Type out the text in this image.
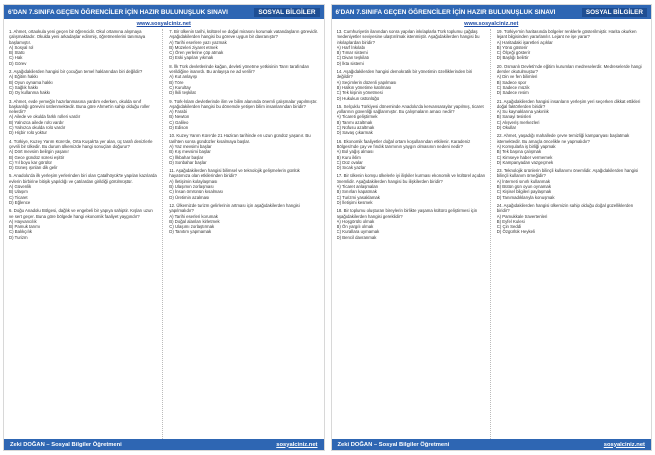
6'DAN 7.SINIFA GEÇEN ÖĞRENCİLER İÇİN HAZIR BULUNUŞLUK SINAVI	SOSYAL BİLGİLER
www.sosyalciniz.net
1. Ahmet, ortaokula yeni geçen bir öğrencidir. Okul ortamına alışmaya çalışmaktadır. Okulda yeni arkadaşlar edinmiş, öğretmenlerini tanımaya başlamıştır.
A) Sosyal rol
B) Statü
C) Hak
D) Görev
2. Aşağıdakilerden hangisi bir çocuğun temel haklarından biri değildir?
A) Eğitim hakkı
B) Oyun oynama hakkı
C) Sağlık hakkı
D) Oy kullanma hakkı
3. Ahmet, evde yemeğin hazırlanmasına yardım ederken, okulda sınıf başkanlığı görevini üstlenmektedir. Buna göre Ahmet'in sahip olduğu roller nelerdir?
A) Ailede ve okulda farklı rolleri vardır
B) Yalnızca ailede rolü vardır
C) Yalnızca okulda rolü vardır
D) Hiçbir rolü yoktur
4. Türkiye, Kuzey Yarım Küre'de, Orta Kuşak'ta yer alan, üç tarafı denizlerle çevrili bir ülkedir. Bu durum ülkemizde hangi sonuçları doğurur?
A) Dört mevsim belirgin yaşanır
B) Gece gündüz süresi eşittir
C) Yıl boyu kar görülür
D) Güneş ışınları dik gelir
5. Anadolu'da ilk yerleşim yerlerinden biri olan Çatalhöyük'te yapılan kazılarda evlerin birbirine bitişik yapıldığı ve çatılardan girildiği görülmüştür.
A) Güvenlik
B) Ulaşım
C) Ticaret
D) Eğlence
6. Doğu Anadolu Bölgesi, dağlık ve engebeli bir yapıya sahiptir. Kışları uzun ve sert geçer. Buna göre bölgede hangi ekonomik faaliyet yaygındır?
A) Hayvancılık
B) Pamuk tarımı
C) Balıkçılık
D) Turizm
7. Bir ülkenin tarihi, kültürel ve doğal mirasını korumak vatandaşların görevidir. Aşağıdakilerden hangisi bu göreve uygun bir davranıştır?
A) Tarihi eserlere yazı yazmak
B) Müzeleri ziyaret etmek
C) Ören yerlerine çöp atmak
D) Eski yapıları yıkmak
8. İlk Türk devletlerinde kağan, devleti yönetme yetkisinin Tanrı tarafından verildiğine inanırdı. Bu anlayışa ne ad verilir?
A) Kut anlayışı
B) Töre
C) Kurultay
D) İkili teşkilat
9. Türk-İslam devletlerinde ilim ve bilim alanında önemli çalışmalar yapılmıştır. Aşağıdakilerden hangisi bu dönemde yetişen bilim insanlarından biridir?
A) Farabi
B) Newton
C) Galileo
D) Edison
10. Kuzey Yarım Küre'de 21 Haziran tarihinde en uzun gündüz yaşanır. Bu tarihten sonra gündüzler kısalmaya başlar.
A) Yaz mevsimi başlar
B) Kış mevsimi başlar
C) İlkbahar başlar
D) Sonbahar başlar
11. Aşağıdakilerden hangisi bilimsel ve teknolojik gelişmelerin günlük hayatımıza olan etkilerinden biridir?
A) İletişimin kolaylaşması
B) Ulaşımın zorlaşması
C) İnsan ömrünün kısalması
D) Üretimin azalması
12. Ülkemizde turizm gelirlerinin artması için aşağıdakilerden hangisi yapılmalıdır?
A) Tarihi eserleri korumak
B) Doğal alanları kirletmek
C) Ulaşımı zorlaştırmak
D) Tanıtım yapmamak
Zeki DOĞAN – Sosyal Bilgiler Öğretmeni	sosyalciniz.net
6'DAN 7.SINIFA GEÇEN ÖĞRENCİLER İÇİN HAZIR BULUNUŞLUK SINAVI	SOSYAL BİLGİLER
www.sosyalciniz.net
13. Cumhuriyetin ilanından sonra yapılan inkılaplarla Türk toplumu çağdaş medeniyetler seviyesine ulaştırılmak istenmiştir. Aşağıdakilerden hangisi bu inkılaplardan biridir?
A) Harf İnkılabı
B) Tımar sistemi
C) Divan teşkilatı
D) İkta sistemi
14. Aşağıdakilerden hangisi demokratik bir yönetimin özelliklerinden biri değildir?
A) Seçimlerin düzenli yapılması
B) Halkın yönetime katılması
C) Tek kişinin yönetmesi
D) Hukukun üstünlüğü
15. Selçuklu Türkiyesi döneminde Anadolu'da kervansaraylar yapılmış, ticaret yollarının güvenliği sağlanmıştır. Bu çalışmaların amacı nedir?
A) Ticareti geliştirmek
B) Tarımı azaltmak
C) Nüfusu azaltmak
D) Savaş çıkarmak
16. Ekonomik faaliyetler doğal ortam koşullarından etkilenir. Karadeniz Bölgesi'nde çay ve fındık tarımının yaygın olmasının nedeni nedir?
A) Bol yağış alması
B) Kuru iklim
C) Düz ovalar
D) Sıcak yazlar
17. Bir ülkenin komşu ülkelerle iyi ilişkiler kurması ekonomik ve kültürel açıdan önemlidir. Aşağıdakilerden hangisi bu ilişkilerden biridir?
A) Ticaret anlaşmaları
B) Sınırları kapatmak
C) Turizmi yasaklamak
D) İletişimi kesmek
18. Bir toplumu oluşturan bireylerin birlikte yaşama kültürü geliştirmesi için aşağıdakilerden hangisi gereklidir?
A) Hoşgörülü olmak
B) Ön yargılı olmak
C) Kurallara uymamak
D) Bencil davranmak
19. Türkiye'nin haritasında bölgeler renklerle gösterilmiştir. Harita okurken lejant bilgisinden yararlanılır. Lejant ne işe yarar?
A) Haritadaki işaretleri açıklar
B) Yönü gösterir
C) Ölçeği gösterir
D) Başlığı belirtir
20. Osmanlı Devleti'nde eğitim kurumları medreselerdir. Medreselerde hangi dersler okutulmuştur?
A) Din ve fen bilimleri
B) Sadece spor
C) Sadece müzik
D) Sadece resim
21. Aşağıdakilerden hangisi insanların yerleşim yeri seçerken dikkat ettikleri doğal faktörlerden biridir?
A) Su kaynaklarına yakınlık
B) Sanayi tesisleri
C) Alışveriş merkezleri
D) Okullar
22. Ahmet, yaşadığı mahallede çevre temizliği kampanyası başlatmak istemektedir. Bu amaçla öncelikle ne yapmalıdır?
A) Komşularla iş birliği yapmak
B) Tek başına çalışmak
C) Kimseye haber vermemek
D) Kampanyadan vazgeçmek
23. Teknolojik ürünlerin bilinçli kullanımı önemlidir. Aşağıdakilerden hangisi bilinçli kullanım örneğidir?
A) İnterneti sınırlı kullanmak
B) Bütün gün oyun oynamak
C) Kişisel bilgileri paylaşmak
D) Tanımadıklarıyla konuşmak
24. Aşağıdakilerden hangisi ülkemizin sahip olduğu doğal güzelliklerden biridir?
A) Pamukkale travertenleri
B) Eyfel Kulesi
C) Çin Seddi
D) Özgürlük Heykeli
Zeki DOĞAN – Sosyal Bilgiler Öğretmeni	sosyalciniz.net
